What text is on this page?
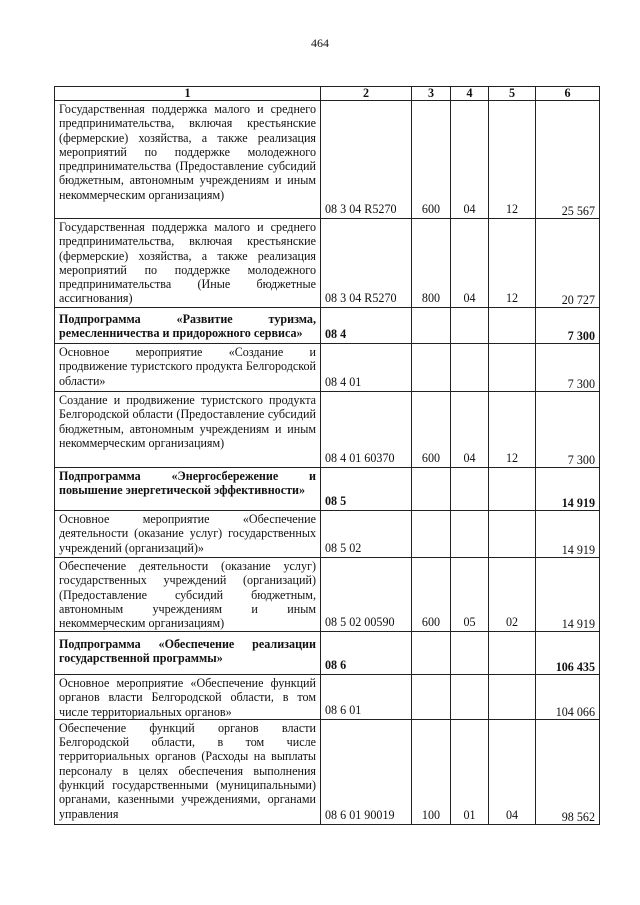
464
1	2	3	4	5	6
Государственная поддержка малого и среднего предпринимательства, включая крестьянские (фермерские) хозяйства, а также реализация мероприятий по поддержке молодежного предпринимательства (Предоставление субсидий бюджетным, автономным учреждениям и иным некоммерческим организациям)	08 3 04 R5270	600	04	12	25 567
Государственная поддержка малого и среднего предпринимательства, включая крестьянские (фермерские) хозяйства, а также реализация мероприятий по поддержке молодежного предпринимательства (Иные бюджетные ассигнования)	08 3 04 R5270	800	04	12	20 727
Подпрограмма «Развитие туризма, ремесленничества и придорожного сервиса»	08 4				7 300
Основное мероприятие «Создание и продвижение туристского продукта Белгородской области»	08 4 01				7 300
Создание и продвижение туристского продукта Белгородской области (Предоставление субсидий бюджетным, автономным учреждениям и иным некоммерческим организациям)	08 4 01 60370	600	04	12	7 300
Подпрограмма «Энергосбережение и повышение энергетической эффективности»	08 5				14 919
Основное мероприятие «Обеспечение деятельности (оказание услуг) государственных учреждений (организаций)»	08 5 02				14 919
Обеспечение деятельности (оказание услуг) государственных учреждений (организаций) (Предоставление субсидий бюджетным, автономным учреждениям и иным некоммерческим организациям)	08 5 02 00590	600	05	02	14 919
Подпрограмма «Обеспечение реализации государственной программы»	08 6				106 435
Основное мероприятие «Обеспечение функций органов власти Белгородской области, в том числе территориальных органов»	08 6 01				104 066
Обеспечение функций органов власти Белгородской области, в том числе территориальных органов (Расходы на выплаты персоналу в целях обеспечения выполнения функций государственными (муниципальными) органами, казенными учреждениями, органами управления	08 6 01 90019	100	01	04	98 562
